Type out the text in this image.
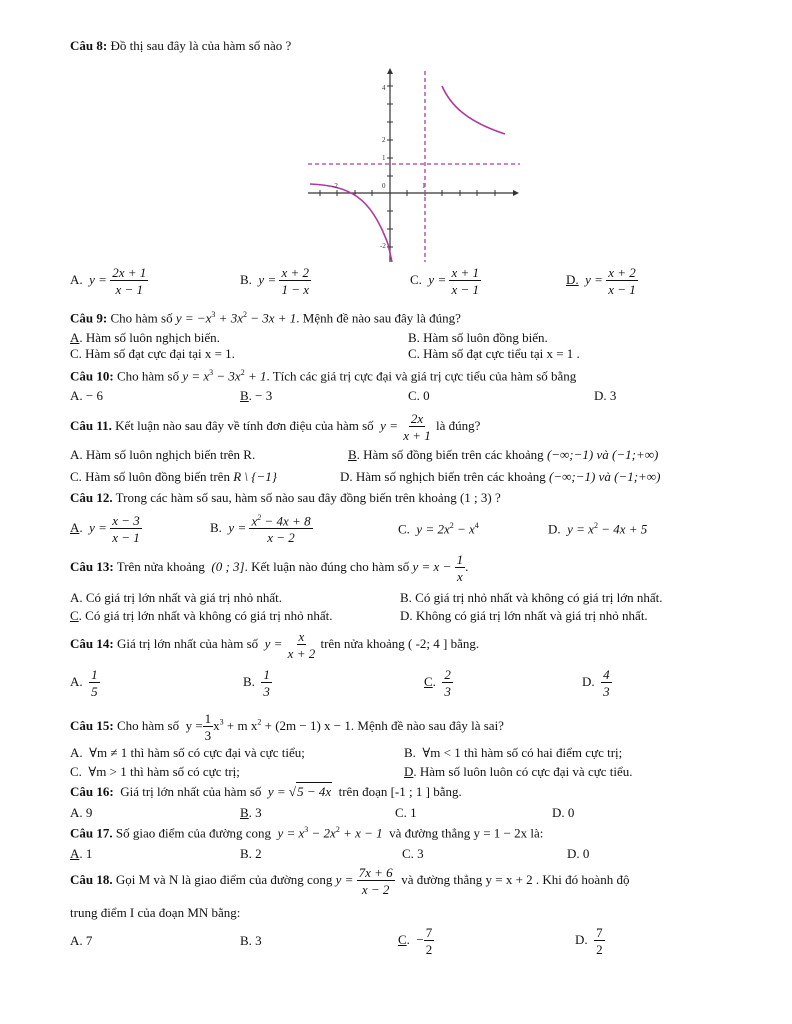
Câu 8: Đồ thị sau đây là của hàm số nào ?
4
2
1
-2
0	1
-2
A. $y = \frac{2x + 1}{x - 1}$	B. $y = \frac{x + 2}{1 - x}$	C. $y = \frac{x + 1}{x - 1}$	D. $y = \frac{x + 2}{x - 1}$
Câu 9: Cho hàm số $y = -x^3 + 3x^2 - 3x + 1$. Mệnh đề nào sau đây là đúng?
A. Hàm số luôn nghịch biến.	B. Hàm số luôn đồng biến.
C. Hàm số đạt cực đại tại x = 1.	C. Hàm số đạt cực tiểu tại x = 1 .
Câu 10: Cho hàm số $y = x^3 - 3x^2 + 1$. Tích các giá trị cực đại và giá trị cực tiểu của hàm số bằng
A. − 6	B. − 3	C. 0	D. 3
Câu 11. Kết luận nào sau đây về tính đơn điệu của hàm số $y = \frac{2x}{x + 1}$ là đúng?
A. Hàm số luôn nghịch biến trên R.	B. Hàm số đồng biến trên các khoảng (−∞;−1) và (−1;+∞)
C. Hàm số luôn đồng biến trên R \ {−1}	D. Hàm số nghịch biến trên các khoảng (−∞;−1) và (−1;+∞)
Câu 12. Trong các hàm số sau, hàm số nào sau đây đồng biến trên khoảng (1 ; 3) ?
A. $y = \frac{x - 3}{x - 1}$	B. $y = \frac{x^2 - 4x + 8}{x - 2}$	C. $y = 2x^2 - x^4$	D. $y = x^2 - 4x + 5$
Câu 13: Trên nửa khoảng (0 ; 3]. Kết luận nào đúng cho hàm số $y = x - \frac{1}{x}$ .
A. Có giá trị lớn nhất và giá trị nhỏ nhất.	B. Có giá trị nhỏ nhất và không có giá trị lớn nhất.
C. Có giá trị lớn nhất và không có giá trị nhỏ nhất.	D. Không có giá trị lớn nhất và giá trị nhỏ nhất.
Câu 14: Giá trị lớn nhất của hàm số $y = \frac{x}{x + 2}$ trên nửa khoảng ( -2; 4 ] bằng.
A. $\frac{1}{5}$	B. $\frac{1}{3}$	C. $\frac{2}{3}$	D. $\frac{4}{3}$
Câu 15: Cho hàm số $y = \frac{1}{3} x^3 + m$ $x^2 + (2m - 1) x - 1$. Mệnh đề nào sau đây là sai?
A. ∀m ≠ 1 thì hàm số có cực đại và cực tiểu;	B. ∀m < 1 thì hàm số có hai điểm cực trị;
C. ∀m > 1 thì hàm số có cực trị;	D. Hàm số luôn luôn có cực đại và cực tiểu.
Câu 16: Giá trị lớn nhất của hàm số y = √5 − 4x trên đoạn [-1 ; 1 ] bằng.
A. 9	B. 3	C. 1	D. 0
Câu 17. Số giao điểm của đường cong $y = x^3 - 2x^2 + x - 1$ và đường thẳng y = 1 − 2x là:
A. 1	B. 2	C. 3	D. 0
Câu 18. Gọi M và N là giao điểm của đường cong $y = \frac{7x + 6}{x - 2}$ và đường thẳng y = x + 2 . Khi đó hoành độ
trung điểm I của đoạn MN bằng:
A. 7	B. 3	C. − $\frac{7}{2}$	D. $\frac{7}{2}$
